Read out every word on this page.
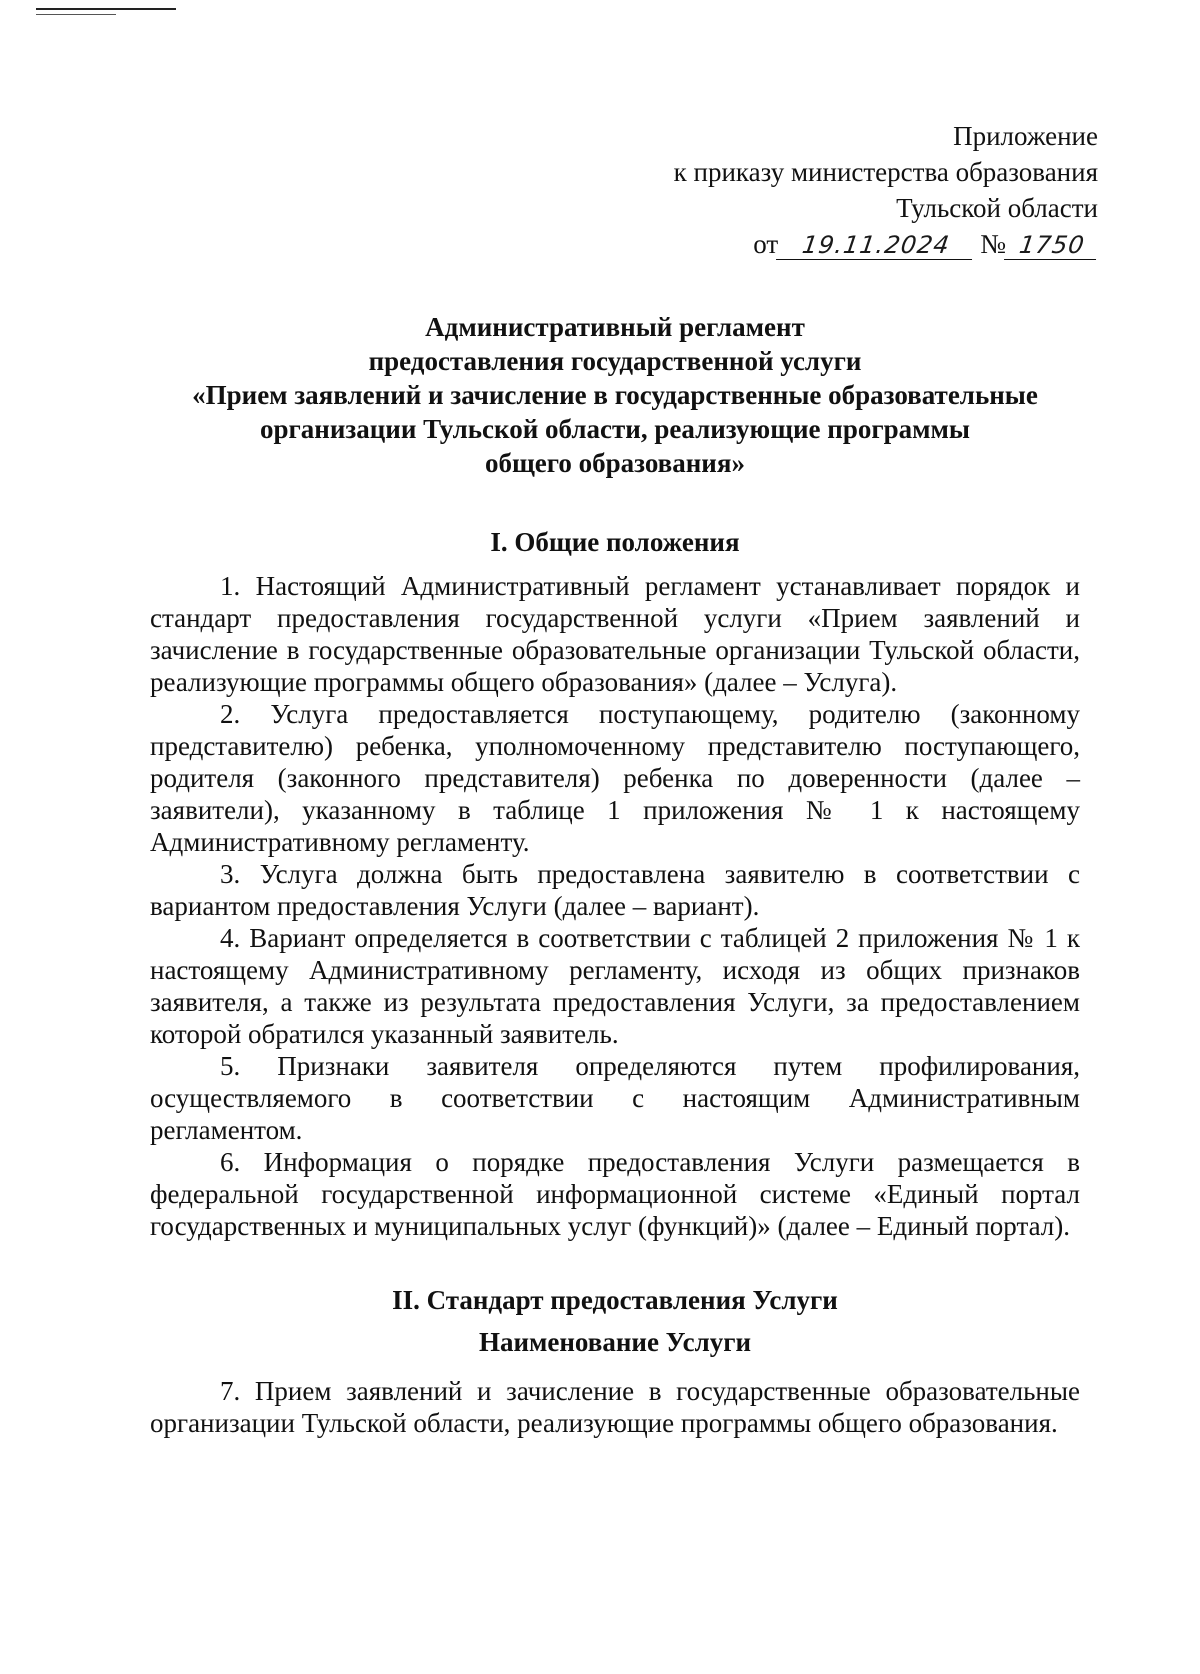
Приложение
к приказу министерства образования
Тульской области
от 19.11.2024 № 1750
Административный регламент
предоставления государственной услуги
«Прием заявлений и зачисление в государственные образовательные
организации Тульской области, реализующие программы
общего образования»
I. Общие положения

1. Настоящий Административный регламент устанавливает порядок и стандарт предоставления государственной услуги «Прием заявлений и зачисление в государственные образовательные организации Тульской области, реализующие программы общего образования» (далее – Услуга).

2. Услуга предоставляется поступающему, родителю (законному представителю) ребенка, уполномоченному представителю поступающего, родителя (законного представителя) ребенка по доверенности (далее – заявители), указанному в таблице 1 приложения № 1 к настоящему Административному регламенту.

3. Услуга должна быть предоставлена заявителю в соответствии с вариантом предоставления Услуги (далее – вариант).

4. Вариант определяется в соответствии с таблицей 2 приложения № 1 к настоящему Административному регламенту, исходя из общих признаков заявителя, а также из результата предоставления Услуги, за предоставлением которой обратился указанный заявитель.

5. Признаки заявителя определяются путем профилирования, осуществляемого в соответствии с настоящим Административным регламентом.

6. Информация о порядке предоставления Услуги размещается в федеральной государственной информационной системе «Единый портал государственных и муниципальных услуг (функций)» (далее – Единый портал).

II. Стандарт предоставления Услуги
Наименование Услуги

7. Прием заявлений и зачисление в государственные образовательные организации Тульской области, реализующие программы общего образования.
